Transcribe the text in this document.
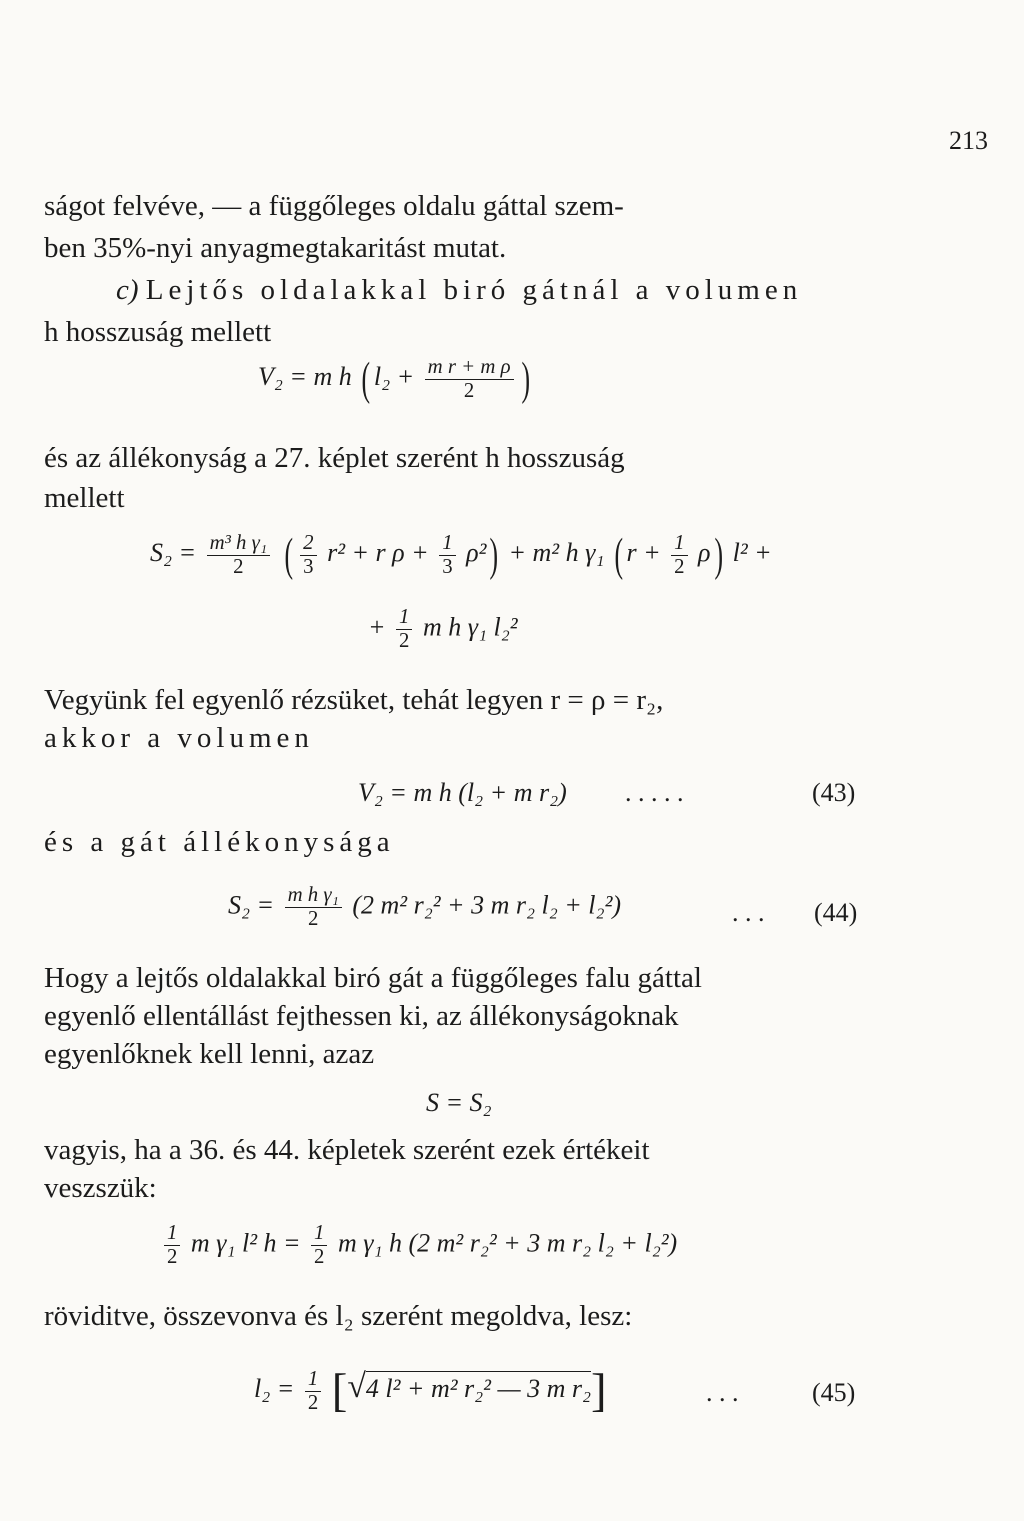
213
ságot felvéve, — a függőleges oldalu gáttal szem-
ben 35%-nyi anyagmegtakaritást mutat.
c) Lejtős oldalakkal biró gátnál a volumen
h hosszuság mellett
V₂ = m h ( $l_2 + \frac{\text{m r + m ρ}}{2}$ )
és az állékonyság a 27. képlet szerént h hosszuság
mellett
$S_2 = \frac{\text{m³ h γ₁}}{2}$ ( $\frac{2}{3} r^2 + r$ $\rho + \frac{1}{3} \rho^2) + m^2$ h γ₁ ( $r + \frac{1}{2} \rho$) l² +
+ $\frac{1}{2}$ m h γ₁ l₂²
Vegyünk fel egyenlő rézsüket, tehát legyen r = ρ = r₂,
akkor a volumen
V₂ = m h (l₂ + m r₂) . . . . .	(43)
és a gát állékonysága
$S_2 = \frac{\text{m h γ₁}}{2} (2$ m² r₂² + 3 m r₂ l₂ + l₂²)	. . . (44)
Hogy a lejtős oldalakkal biró gát a függőleges falu gáttal
egyenlő ellentállást fejthessen ki, az állékonyságoknak
egyenlőknek kell lenni, azaz
S = S₂
vagyis, ha a 36. és 44. képletek szerént ezek értékeit
veszszük:
$\frac{1}{2}$ m γ₁ l² $h = \frac{1}{2}$ m γ₁ h (2 m² r₂² + 3 m r₂ l₂ + l₂²)
röviditve, összevonva és l₂ szerént megoldva, lesz:
$l_2 = \frac{1}{2} [√4$ l² + m² r₂² — 3 m r₂]	. . .	(45)
